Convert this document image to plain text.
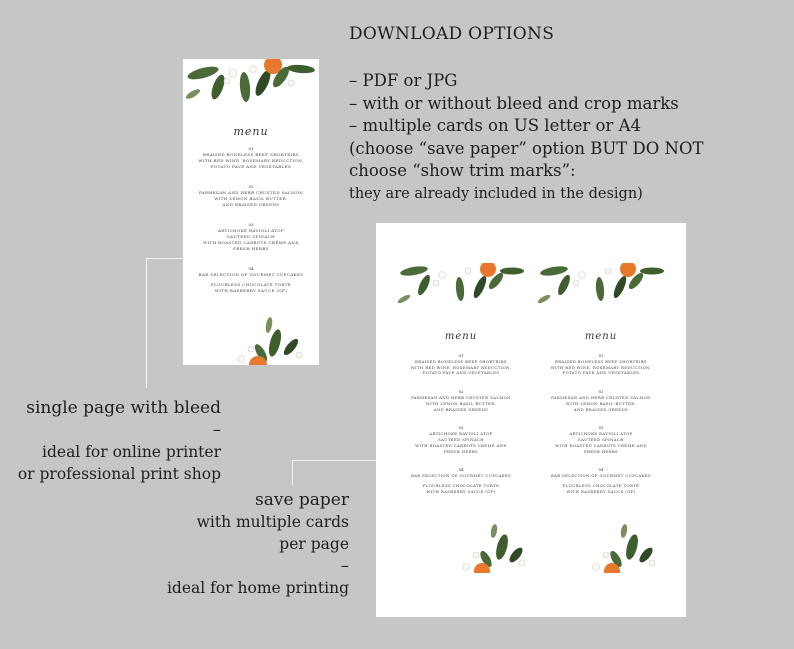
DOWNLOAD OPTIONS
– PDF or JPG
– with or without bleed and crop marks
– multiple cards on US letter or A4
(choose “save paper” option BUT DO NOT
choose “show trim marks”:
they are already included in the design)
menu
01
BRAISED BONELESS BEEF SHORTRIBS
WITH RED WINE, ROSEMARY REDUCTION,
POTATO PAVE AND VEGETABLES
02
PARMESAN AND HERB CRUSTED SALMON
WITH LEMON BASIL BUTTER,
AND BRAISED GREENS
03
ARTICHOKE RAVIOLI ATOP
SAUTEED SPINACH
WITH ROASTED CARROTS CRÈME AND
FRESH HERBS
04
BAR SELECTION OF GOURMET CUPCAKES
FLOURLESS CHOCOLATE TORTE
WITH RASBERRY SAUCE (GF)
menu
01
BRAISED BONELESS BEEF SHORTRIBS
WITH RED WINE, ROSEMARY REDUCTION,
POTATO PAVE AND VEGETABLES
02
PARMESAN AND HERB CRUSTED SALMON
WITH LEMON BASIL BUTTER,
AND BRAISED GREENS
03
ARTICHOKE RAVIOLI ATOP
SAUTEED SPINACH
WITH ROASTED CARROTS CRÈME AND
FRESH HERBS
04
BAR SELECTION OF GOURMET CUPCAKES
FLOURLESS CHOCOLATE TORTE
WITH RASBERRY SAUCE (GF)
menu
01
BRAISED BONELESS BEEF SHORTRIBS
WITH RED WINE, ROSEMARY REDUCTION,
POTATO PAVE AND VEGETABLES
02
PARMESAN AND HERB CRUSTED SALMON
WITH LEMON BASIL BUTTER,
AND BRAISED GREENS
03
ARTICHOKE RAVIOLI ATOP
SAUTEED SPINACH
WITH ROASTED CARROTS CRÈME AND
FRESH HERBS
04
BAR SELECTION OF GOURMET CUPCAKES
FLOURLESS CHOCOLATE TORTE
WITH RASBERRY SAUCE (GF)
single page with bleed
–
ideal for online printer
or professional print shop
save paper
with multiple cards
per page
–
ideal for home printing
